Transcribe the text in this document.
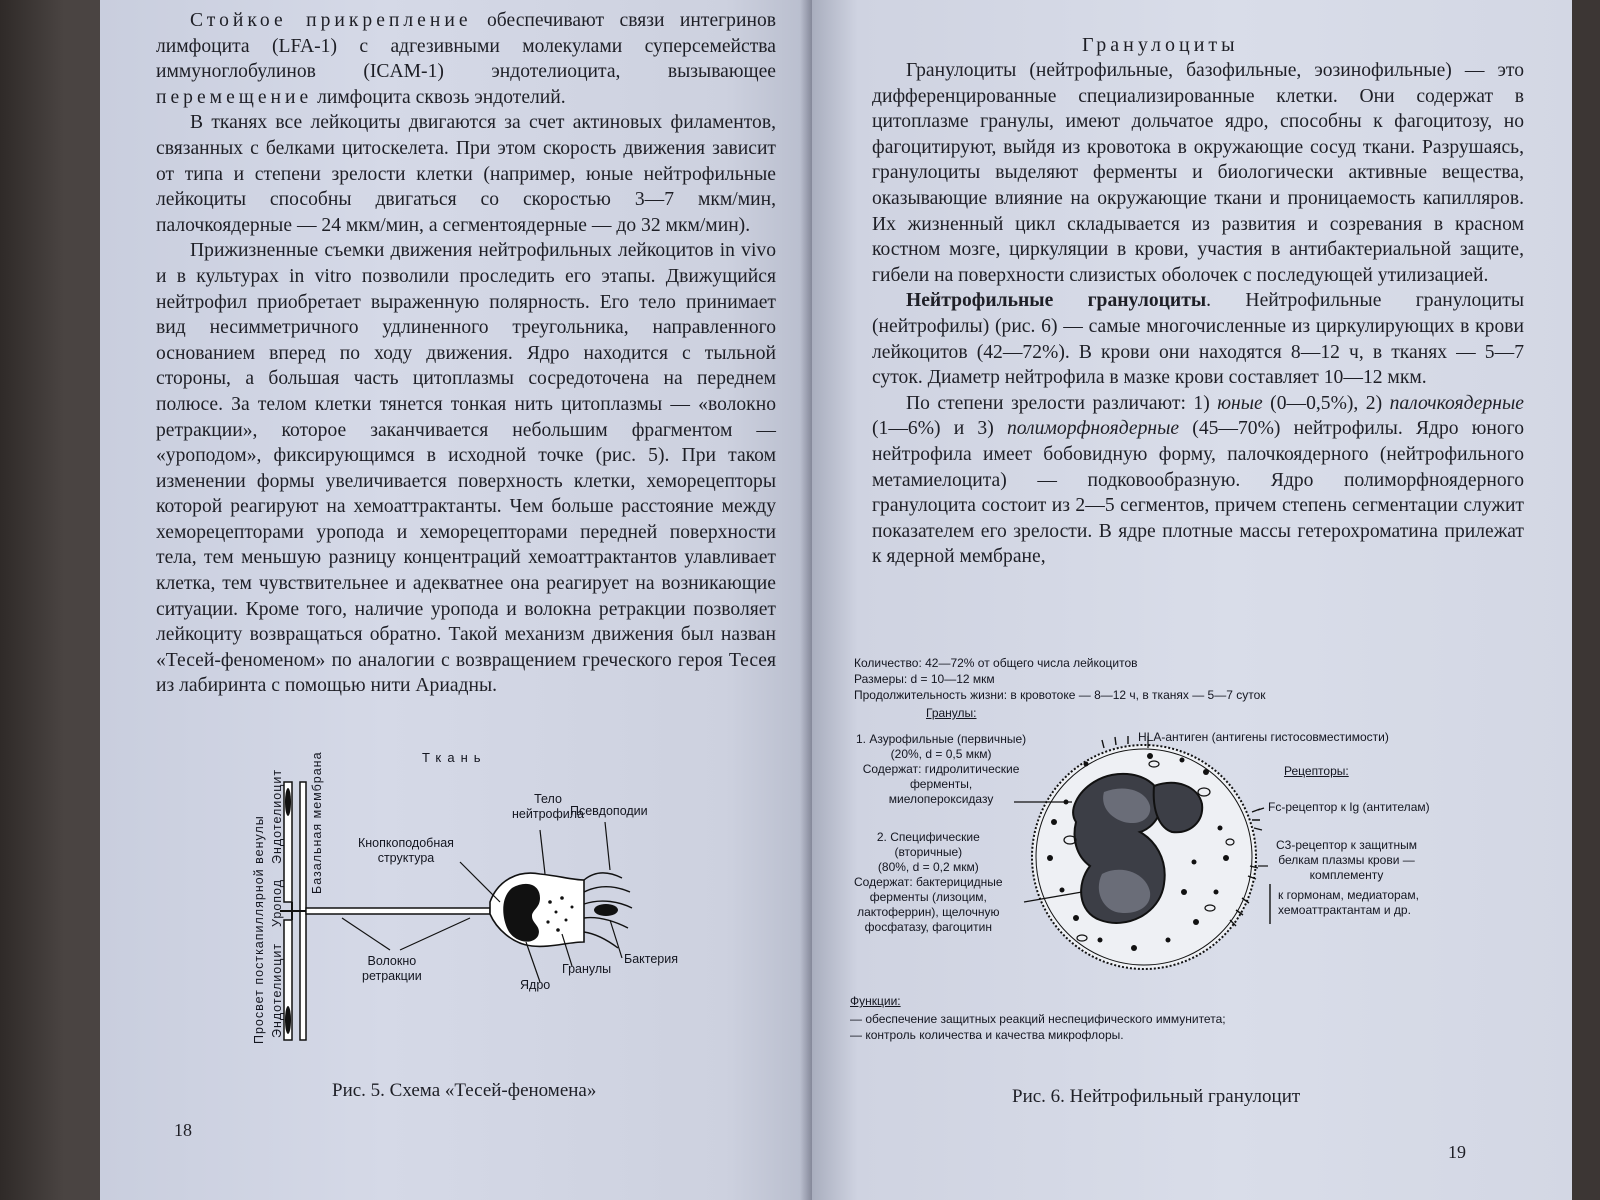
Стойкое прикрепление обеспечивают связи интегринов лимфоцита (LFA-1) с адгезивными молекулами суперсемейства иммуноглобулинов (ICAM-1) эндотелиоцита, вызывающее перемещение лимфоцита сквозь эндотелий.

В тканях все лейкоциты двигаются за счет актиновых филаментов, связанных с белками цитоскелета. При этом скорость движения зависит от типа и степени зрелости клетки (например, юные нейтрофильные лейкоциты способны двигаться со скоростью 3—7 мкм/мин, палочкоядерные — 24 мкм/мин, а сегментоядерные — до 32 мкм/мин).

Прижизненные съемки движения нейтрофильных лейкоцитов in vivo и в культурах in vitro позволили проследить его этапы. Движущийся нейтрофил приобретает выраженную полярность. Его тело принимает вид несимметричного удлиненного треугольника, направленного основанием вперед по ходу движения. Ядро находится с тыльной стороны, а большая часть цитоплазмы сосредоточена на переднем полюсе. За телом клетки тянется тонкая нить цитоплазмы — «волокно ретракции», которое заканчивается небольшим фрагментом — «уроподом», фиксирующимся в исходной точке (рис. 5). При таком изменении формы увеличивается поверхность клетки, хеморецепторы которой реагируют на хемоаттрактанты. Чем больше расстояние между хеморецепторами уропода и хеморецепторами передней поверхности тела, тем меньшую разницу концентраций хемоаттрактантов улавливает клетка, тем чувствительнее и адекватнее она реагирует на возникающие ситуации. Кроме того, наличие уропода и волокна ретракции позволяет лейкоциту возвращаться обратно. Такой механизм движения был назван «Тесей-феноменом» по аналогии с возвращением греческого героя Тесея из лабиринта с помощью нити Ариадны.

Ткань
Просвет посткапиллярной венулы Эндотелиоцит Базальная мембрана
Уропод
Эндотелиоцит
Тело
нейтрофила
Псевдоподии
Кнопкоподобная
структура
Волокно
ретракции
Ядро
Гранулы
Бактерия
Рис. 5. Схема «Тесей-феномена»
18
Гранулоциты

Гранулоциты (нейтрофильные, базофильные, эозинофильные) — это дифференцированные специализированные клетки. Они содержат в цитоплазме гранулы, имеют дольчатое ядро, способны к фагоцитозу, но фагоцитируют, выйдя из кровотока в окружающие сосуд ткани. Разрушаясь, гранулоциты выделяют ферменты и биологически активные вещества, оказывающие влияние на окружающие ткани и проницаемость капилляров. Их жизненный цикл складывается из развития и созревания в красном костном мозге, циркуляции в крови, участия в антибактериальной защите, гибели на поверхности слизистых оболочек с последующей утилизацией.

Нейтрофильные гранулоциты. Нейтрофильные гранулоциты (нейтрофилы) (рис. 6) — самые многочисленные из циркулирующих в крови лейкоцитов (42—72%). В крови они находятся 8—12 ч, в тканях — 5—7 суток. Диаметр нейтрофила в мазке крови составляет 10—12 мкм.

По степени зрелости различают: 1) юные (0—0,5%), 2) палочкоядерные (1—6%) и 3) полиморфноядерные (45—70%) нейтрофилы. Ядро юного нейтрофила имеет бобовидную форму, палочкоядерного (нейтрофильного метамиелоцита) — подковообразную. Ядро полиморфноядерного гранулоцита состоит из 2—5 сегментов, причем степень сегментации служит показателем его зрелости. В ядре плотные массы гетерохроматина прилежат к ядерной мембране,

Количество: 42—72% от общего числа лейкоцитов
Размеры: d = 10—12 мкм
Продолжительность жизни: в кровотоке — 8—12 ч, в тканях — 5—7 суток
Гранулы:
1. Азурофильные (первичные)
(20%, d = 0,5 мкм)
Содержат: гидролитические
ферменты,
миелопероксидазу
2. Специфические
(вторичные)
(80%, d = 0,2 мкм)
Содержат: бактерицидные
ферменты (лизоцим,
лактоферрин), щелочную
фосфатазу, фагоцитин
HLA-антиген (антигены гистосовместимости)
Рецепторы:
Fc-рецептор к Ig (антителам)
C3-рецептор к защитным
белкам плазмы крови —
комплементу
к гормонам, медиаторам,
хемоаттрактантам и др.
Функции:
— обеспечение защитных реакций неспецифического иммунитета;
— контроль количества и качества микрофлоры.
Рис. 6. Нейтрофильный гранулоцит
19
